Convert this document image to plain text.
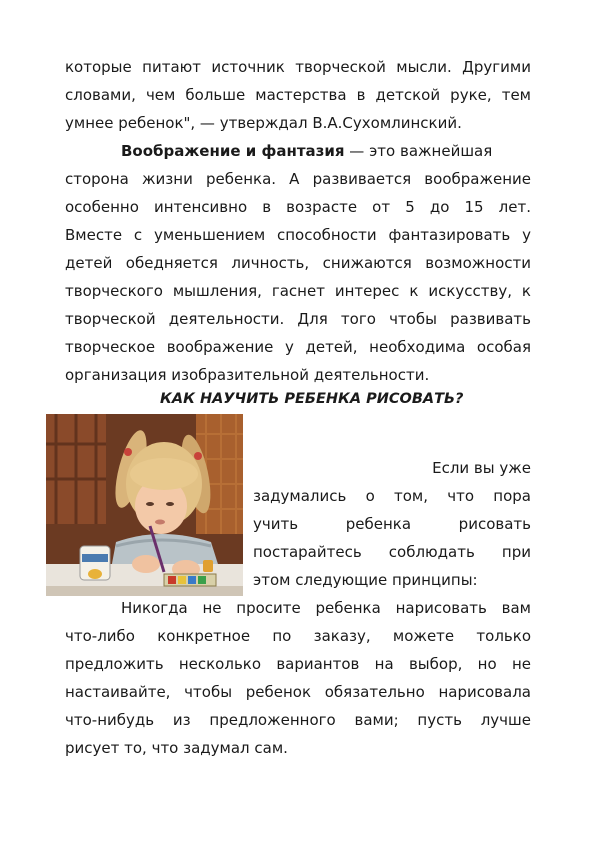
которые питают источник творческой мысли. Другими
словами, чем больше мастерства в детской руке, тем
умнее ребенок", — утверждал В.А.Сухомлинский.
Воображение и фантазия — это важнейшая
сторона жизни ребенка. А развивается воображение
особенно интенсивно в возрасте от 5 до 15 лет.
Вместе с уменьшением способности фантазировать у
детей обедняется личность, снижаются возможности
творческого мышления, гаснет интерес к искусству, к
творческой деятельности. Для того чтобы развивать
творческое воображение у детей, необходима особая
организация изобразительной деятельности.
КАК НАУЧИТЬ РЕБЕНКА РИСОВАТЬ?
Если вы уже
задумались о том, что пора
учить ребенка рисовать
постарайтесь соблюдать при
этом следующие принципы:
Никогда не просите ребенка нарисовать вам
что-либо конкретное по заказу, можете только
предложить несколько вариантов на выбор, но не
настаивайте, чтобы ребенок обязательно нарисовала
что-нибудь из предложенного вами; пусть лучше
рисует то, что задумал сам.
